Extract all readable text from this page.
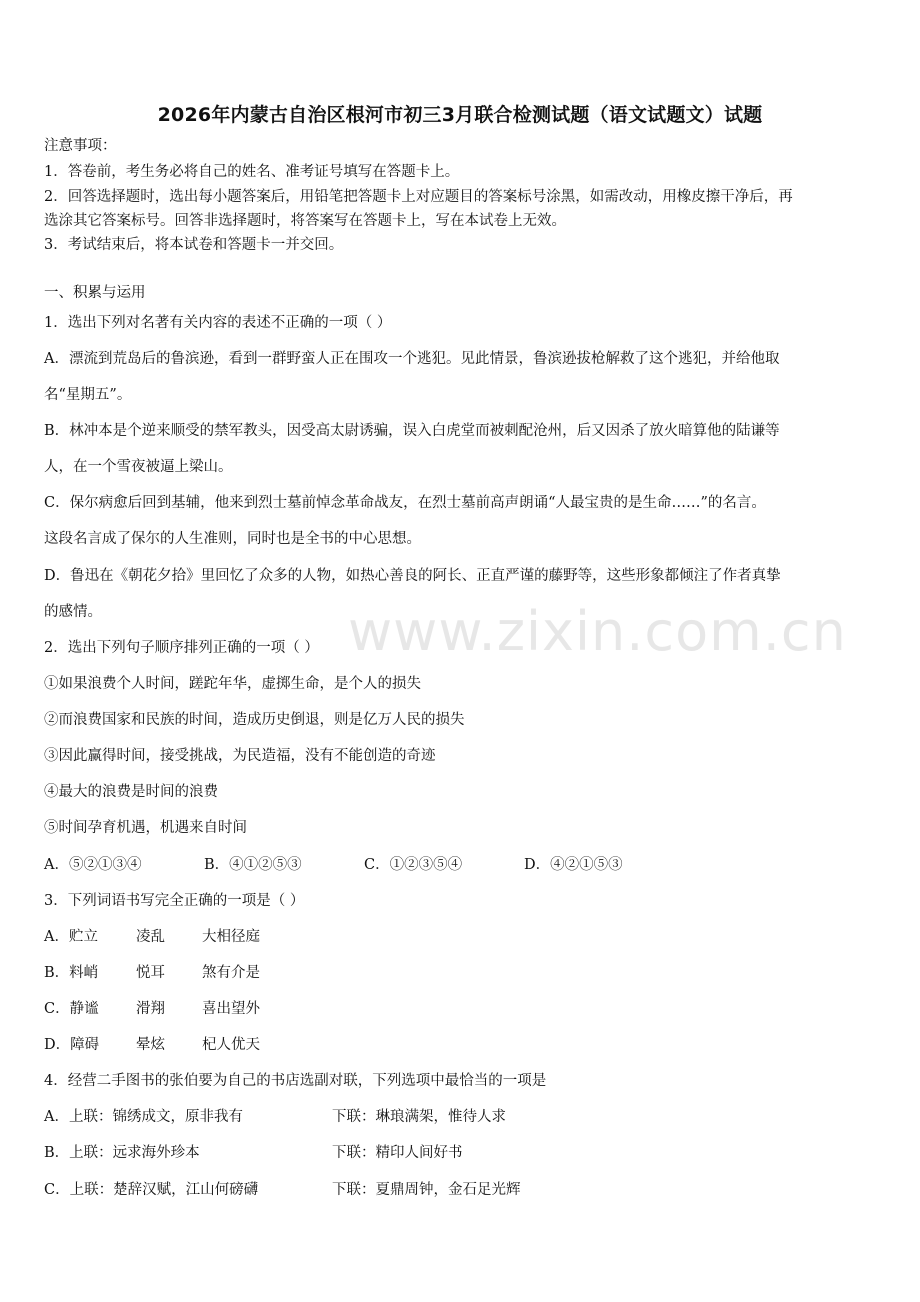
2026年内蒙古自治区根河市初三3月联合检测试题（语文试题文）试题
注意事项：
1．答卷前，考生务必将自己的姓名、准考证号填写在答题卡上。
2．回答选择题时，选出每小题答案后，用铅笔把答题卡上对应题目的答案标号涂黑，如需改动，用橡皮擦干净后，再
选涂其它答案标号。回答非选择题时，将答案写在答题卡上，写在本试卷上无效。
3．考试结束后，将本试卷和答题卡一并交回。
一、积累与运用
1．选出下列对名著有关内容的表述不正确的一项（ ）
A．漂流到荒岛后的鲁滨逊，看到一群野蛮人正在围攻一个逃犯。见此情景，鲁滨逊拔枪解救了这个逃犯，并给他取
名“星期五”。
B．林冲本是个逆来顺受的禁军教头，因受高太尉诱骗，误入白虎堂而被刺配沧州，后又因杀了放火暗算他的陆谦等
人，在一个雪夜被逼上梁山。
C．保尔病愈后回到基辅，他来到烈士墓前悼念革命战友，在烈士墓前高声朗诵“人最宝贵的是生命……”的名言。
这段名言成了保尔的人生准则，同时也是全书的中心思想。
D．鲁迅在《朝花夕拾》里回忆了众多的人物，如热心善良的阿长、正直严谨的藤野等，这些形象都倾注了作者真挚
的感情。
2．选出下列句子顺序排列正确的一项（ ）
①如果浪费个人时间，蹉跎年华，虚掷生命，是个人的损失
②而浪费国家和民族的时间，造成历史倒退，则是亿万人民的损失
③因此赢得时间，接受挑战，为民造福，没有不能创造的奇迹
④最大的浪费是时间的浪费
⑤时间孕育机遇，机遇来自时间
A．⑤②①③④	B．④①②⑤③	C．①②③⑤④	D．④②①⑤③
3．下列词语书写完全正确的一项是（ ）
A．贮立	凌乱	大相径庭
B．料峭	悦耳	煞有介是
C．静谧	滑翔	喜出望外
D．障碍	晕炫	杞人优天
4．经营二手图书的张伯要为自己的书店选副对联，下列选项中最恰当的一项是
A．上联：锦绣成文，原非我有	下联：琳琅满架，惟待人求
B．上联：远求海外珍本	下联：精印人间好书
C．上联：楚辞汉赋，江山何磅礴	下联：夏鼎周钟，金石足光辉
www.zixin.com.cn
